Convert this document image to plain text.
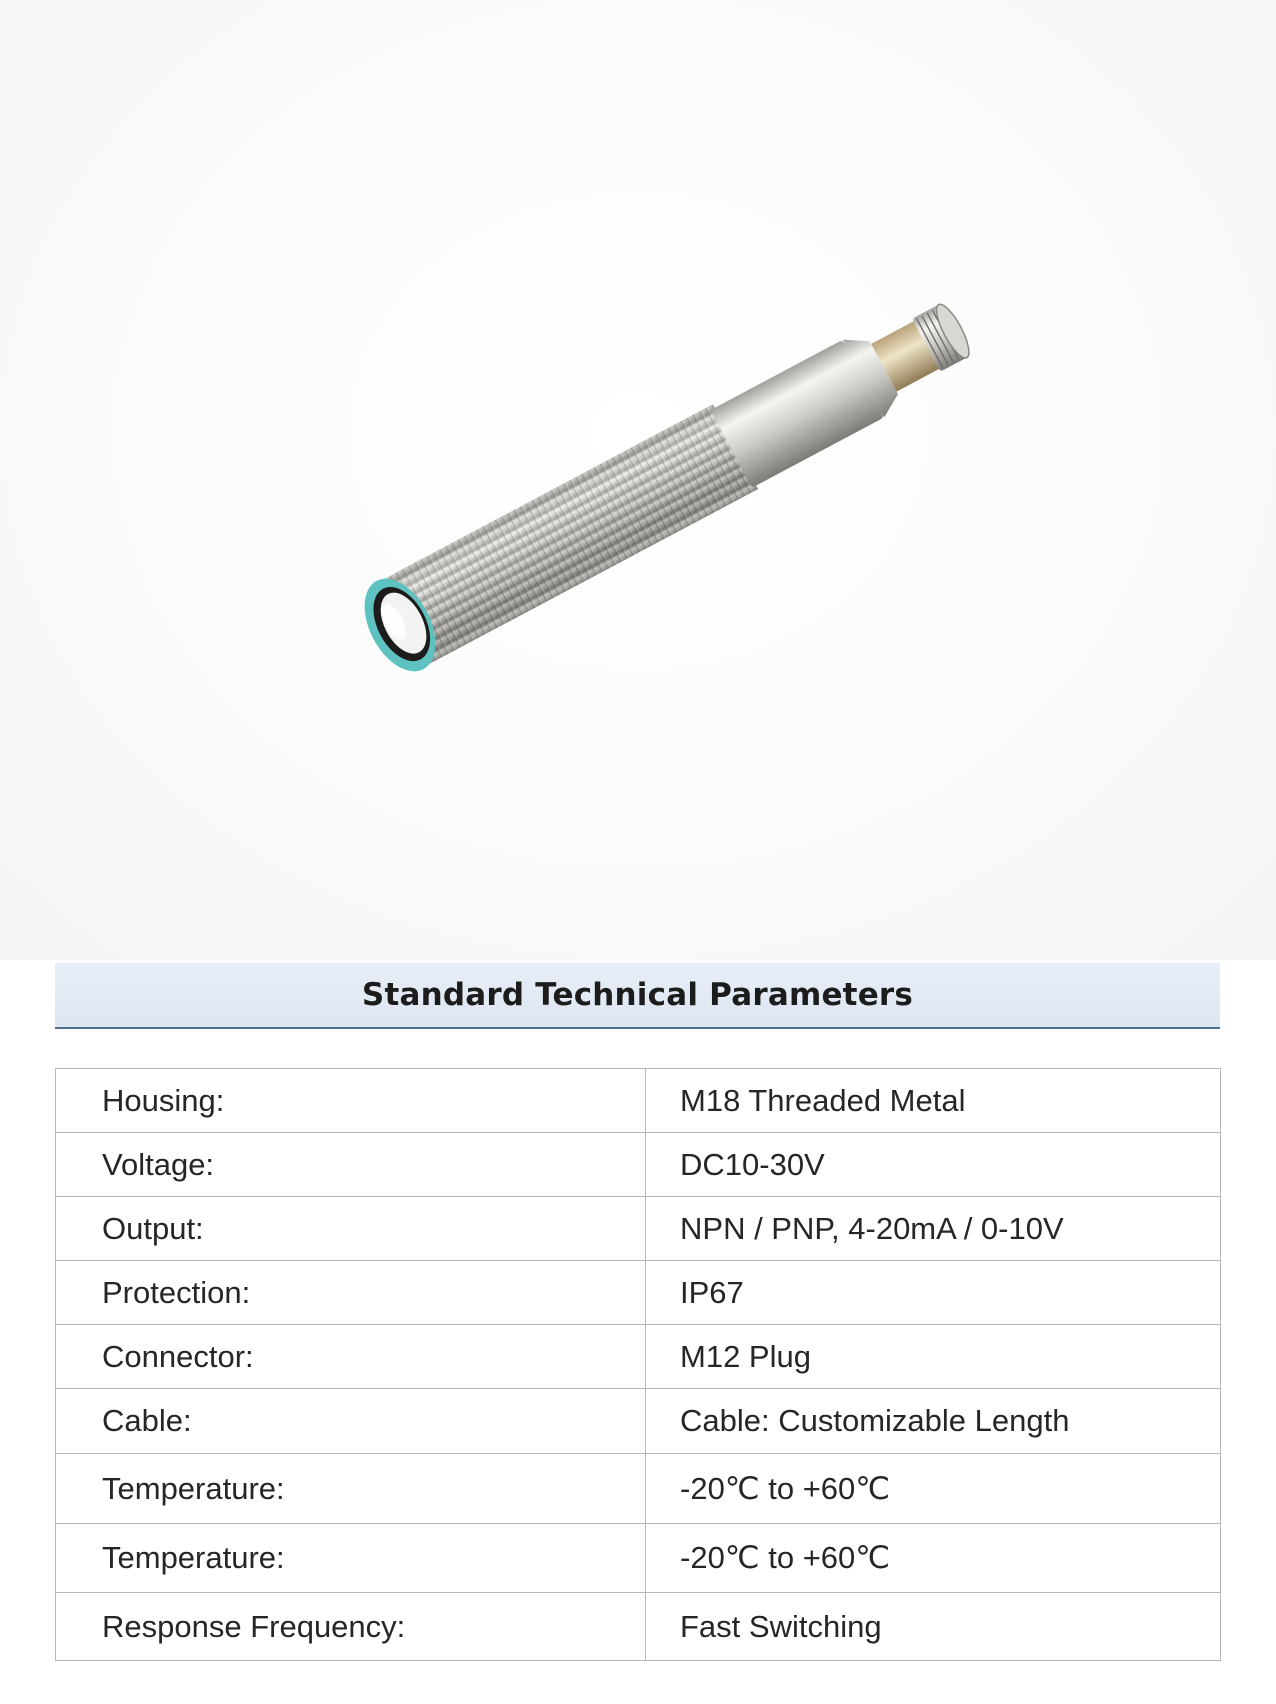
Standard Technical Parameters
Housing:	M18 Threaded Metal
Voltage:	DC10-30V
Output:	NPN / PNP, 4-20mA / 0-10V
Protection:	IP67
Connector:	M12 Plug
Cable:	Cable: Customizable Length
Temperature:	-20℃ to +60℃
Temperature:	-20℃ to +60℃
Response Frequency:	Fast Switching
